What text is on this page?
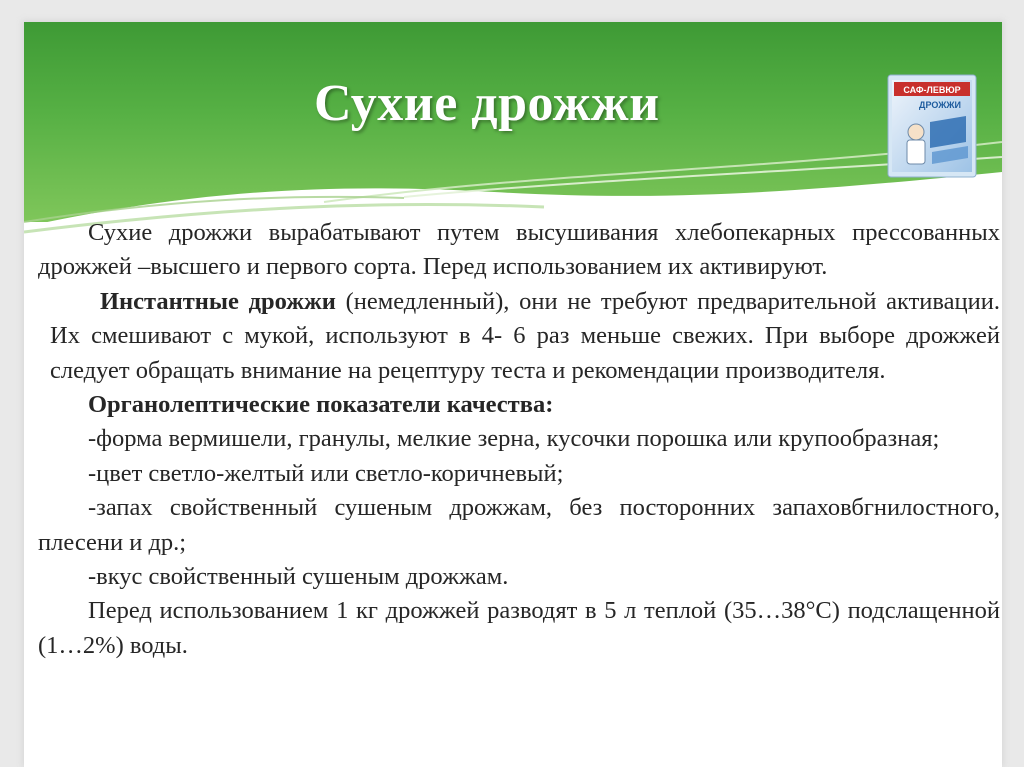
Сухие дрожжи	САФ-ЛЕВЮР
ДРОЖЖИ

Сухие дрожжи вырабатывают путем высушивания хлебопекарных прессованных дрожжей –высшего и первого сорта. Перед использованием их активируют.

Инстантные дрожжи (немедленный), они не требуют предварительной активации. Их смешивают с мукой, используют в 4- 6 раз меньше свежих. При выборе дрожжей следует обращать внимание на рецептуру теста и рекомендации производителя.

Органолептические показатели качества:

-форма вермишели, гранулы, мелкие зерна, кусочки порошка или крупообразная;

-цвет светло-желтый или светло-коричневый;

-запах свойственный сушеным дрожжам, без посторонних запаховбгнилостного, плесени и др.;

-вкус свойственный сушеным дрожжам.

Перед использованием 1 кг дрожжей разводят в 5 л теплой (35…38°С) подслащенной (1…2%) воды.
